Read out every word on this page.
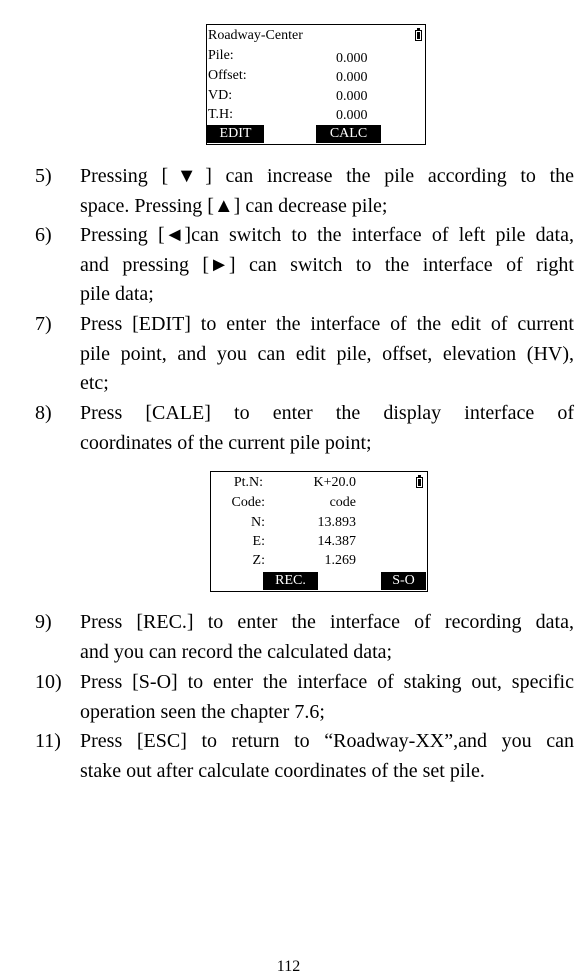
Roadway-Center
Pile:	0.000
Offset:	0.000
VD:	0.000
T.H:	0.000
EDIT	CALC
5)	Pressing [▼] can increase the pile according to the
space. Pressing [▲] can decrease pile;
6)	Pressing [◄]can switch to the interface of left pile data,
and pressing [►] can switch to the interface of right
pile data;
7)	Press [EDIT] to enter the interface of the edit of current
pile point, and you can edit pile, offset, elevation (HV),
etc;
8)	Press [CALE] to enter the display interface of
coordinates of the current pile point;
Pt.N:	K+20.0
Code:	code
N:	13.893
E:	14.387
Z:	1.269
REC.	S-O
9)	Press [REC.] to enter the interface of recording data,
and you can record the calculated data;
10) Press [S-O] to enter the interface of staking out, specific
operation seen the chapter 7.6;
11) Press [ESC] to return to “Roadway-XX”,and you can
stake out after calculate coordinates of the set pile.
112
